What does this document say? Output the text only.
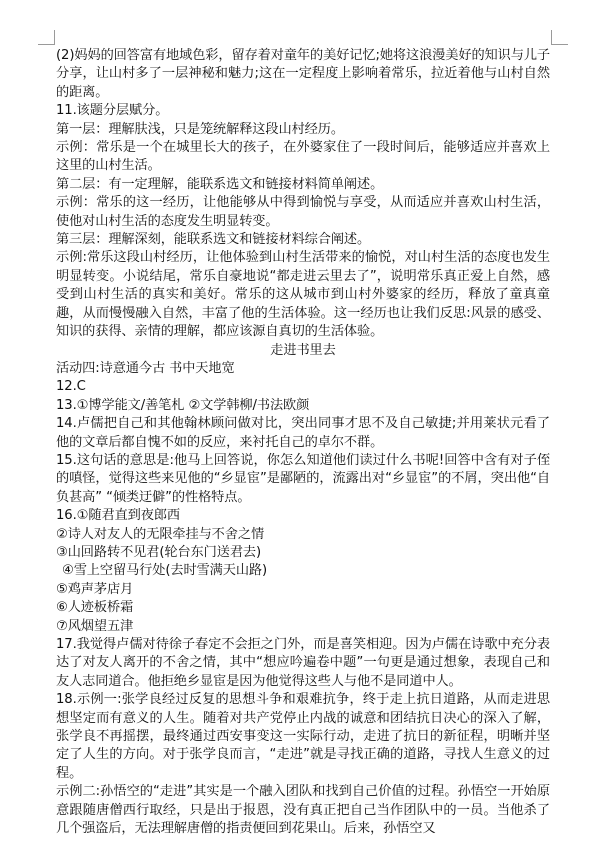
(2)妈妈的回答富有地域色彩，留存着对童年的美好记忆;她将这浪漫美好的知识与儿子分享，让山村多了一层神秘和魅力;这在一定程度上影响着常乐，拉近着他与山村自然的距离。

11.该题分层赋分。

第一层：理解肤浅，只是笼统解释这段山村经历。

示例：常乐是一个在城里长大的孩子，在外婆家住了一段时间后，能够适应并喜欢上这里的山村生活。

第二层：有一定理解，能联系选文和链接材料简单阐述。

示例：常乐的这一经历，让他能够从中得到愉悦与享受，从而适应并喜欢山村生活，使他对山村生活的态度发生明显转变。

第三层：理解深刻，能联系选文和链接材料综合阐述。

示例:常乐这段山村经历，让他体验到山村生活带来的愉悦，对山村生活的态度也发生明显转变。小说结尾，常乐自豪地说“都走进云里去了”，说明常乐真正爱上自然，感受到山村生活的真实和美好。常乐的这从城市到山村外婆家的经历，释放了童真童趣，从而慢慢融入自然，丰富了他的生活体验。这一经历也让我们反思:风景的感受、知识的获得、亲情的理解，都应该源自真切的生活体验。

走进书里去

活动四:诗意通今古 书中天地宽

12.C

13.①博学能文/善笔札 ②文学韩柳/书法欧颜

14.卢儒把自己和其他翰林顾问做对比，突出同事才思不及自己敏捷;并用莱状元看了他的文章后都自愧不如的反应，来衬托自己的卓尔不群。

15.这句话的意思是:他马上回答说，你怎么知道他们读过什么书呢!回答中含有对子侄的嗔怪，觉得这些来见他的“乡显宦”是鄙陋的，流露出对“乡显宦”的不屑，突出他“自负甚高” “倾类迂僻”的性格特点。

16.①随君直到夜郎西

②诗人对友人的无限牵挂与不舍之情

③山回路转不见君(轮台东门送君去)

④雪上空留马行处(去时雪满天山路)

⑤鸡声茅店月

⑥人迹板桥霜

⑦风烟望五津

17.我觉得卢儒对待徐子春定不会拒之门外，而是喜笑相迎。因为卢儒在诗歌中充分表达了对友人离开的不舍之情，其中“想应吟遍卷中题”一句更是通过想象，表现自己和友人志同道合。他拒绝乡显宦是因为他觉得这些人与他不是同道中人。

18.示例一:张学良经过反复的思想斗争和艰难抗争，终于走上抗日道路，从而走进思想坚定而有意义的人生。随着对共产党停止内战的诚意和团结抗日决心的深入了解，张学良不再摇摆，最终通过西安事变这一实际行动，走进了抗日的新征程，明晰并坚定了人生的方向。对于张学良而言，“走进”就是寻找正确的道路，寻找人生意义的过程。

示例二:孙悟空的“走进”其实是一个融入团队和找到自己价值的过程。孙悟空一开始原意跟随唐僧西行取经，只是出于报恩，没有真正把自己当作团队中的一员。当他杀了几个强盗后，无法理解唐僧的指责便回到花果山。后来，孙悟空又
